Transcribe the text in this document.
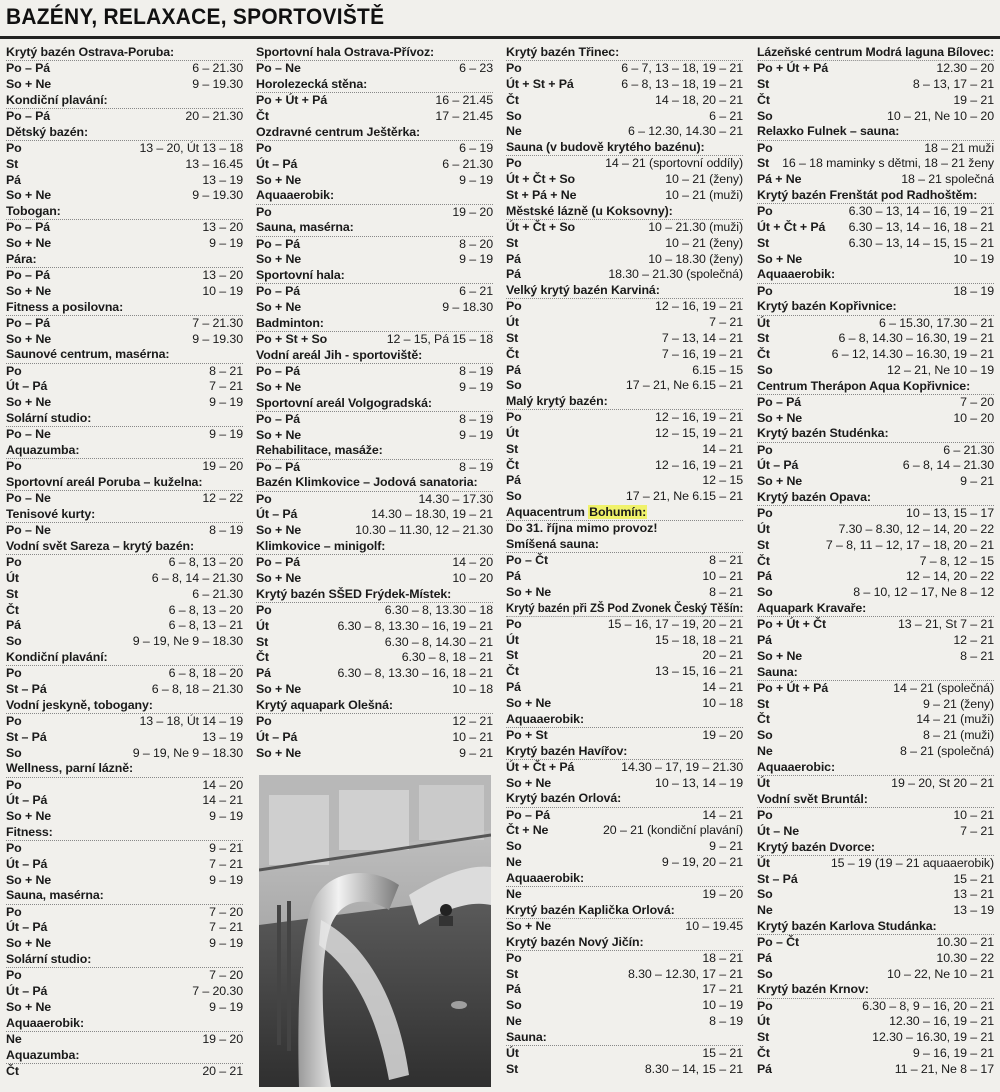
BAZÉNY, RELAXACE, SPORTOVIŠTĚ
Krytý bazén Ostrava-Poruba:
Po – Pá	6 – 21.30
So + Ne	9 – 19.30
Kondiční plavání:
Po – Pá	20 – 21.30
Dětský bazén:
Po	13 – 20, Út 13 – 18
St	13 – 16.45
Pá	13 – 19
So + Ne	9 – 19.30
Tobogan:
Po – Pá	13 – 20
So + Ne	9 – 19
Pára:
Po – Pá	13 – 20
So + Ne	10 – 19
Fitness a posilovna:
Po – Pá	7 – 21.30
So + Ne	9 – 19.30
Saunové centrum, masérna:
Po	8 – 21
Út – Pá	7 – 21
So + Ne	9 – 19
Solární studio:
Po – Ne	9 – 19
Aquazumba:
Po	19 – 20
Sportovní areál Poruba – kuželna:
Po – Ne	12 – 22
Tenisové kurty:
Po – Ne	8 – 19
Vodní svět Sareza – krytý bazén:
Po	6 – 8, 13 – 20
Út	6 – 8, 14 – 21.30
St	6 – 21.30
Čt	6 – 8, 13 – 20
Pá	6 – 8, 13 – 21
So	9 – 19, Ne 9 – 18.30
Kondiční plavání:
Po	6 – 8, 18 – 20
St – Pá	6 – 8, 18 – 21.30
Vodní jeskyně, tobogany:
Po	13 – 18, Út 14 – 19
St – Pá	13 – 19
So	9 – 19, Ne 9 – 18.30
Wellness, parní lázně:
Po	14 – 20
Út – Pá	14 – 21
So + Ne	9 – 19
Fitness:
Po	9 – 21
Út – Pá	7 – 21
So + Ne	9 – 19
Sauna, masérna:
Po	7 – 20
Út – Pá	7 – 21
So + Ne	9 – 19
Solární studio:
Po	7 – 20
Út – Pá	7 – 20.30
So + Ne	9 – 19
Aquaaerobik:
Ne	19 – 20
Aquazumba:
Čt	20 – 21
Sportovní hala Ostrava-Přívoz:
Po – Ne	6 – 23
Horolezecká stěna:
Po + Út + Pá	16 – 21.45
Čt	17 – 21.45
Ozdravné centrum Ještěrka:
Po	6 – 19
Út – Pá	6 – 21.30
So + Ne	9 – 19
Aquaaerobik:
Po	19 – 20
Sauna, masérna:
Po – Pá	8 – 20
So + Ne	9 – 19
Sportovní hala:
Po – Pá	6 – 21
So + Ne	9 – 18.30
Badminton:
Po + St + So	12 – 15, Pá 15 – 18
Vodní areál Jih - sportoviště:
Po – Pá	8 – 19
So + Ne	9 – 19
Sportovní areál Volgogradská:
Po – Pá	8 – 19
So + Ne	9 – 19
Rehabilitace, masáže:
Po – Pá	8 – 19
Bazén Klimkovice – Jodová sanatoria:
Po	14.30 – 17.30
Út – Pá	14.30 – 18.30, 19 – 21
So + Ne	10.30 – 11.30, 12 – 21.30
Klimkovice – minigolf:
Po – Pá	14 – 20
So + Ne	10 – 20
Krytý bazén SŠED Frýdek-Místek:
Po	6.30 – 8, 13.30 – 18
Út	6.30 – 8, 13.30 – 16, 19 – 21
St	6.30 – 8, 14.30 – 21
Čt	6.30 – 8, 18 – 21
Pá	6.30 – 8, 13.30 – 16, 18 – 21
So + Ne	10 – 18
Krytý aquapark Olešná:
Po	12 – 21
Út – Pá	10 – 21
So + Ne	9 – 21
Krytý bazén Třinec:
Po	6 – 7, 13 – 18, 19 – 21
Út + St + Pá	6 – 8, 13 – 18, 19 – 21
Čt	14 – 18, 20 – 21
So	6 – 21
Ne	6 – 12.30, 14.30 – 21
Sauna (v budově krytého bazénu):
Po	14 – 21 (sportovní oddíly)
Út + Čt + So	10 – 21 (ženy)
St + Pá + Ne	10 – 21 (muži)
Městské lázně (u Koksovny):
Út + Čt + So	10 – 21.30 (muži)
St	10 – 21 (ženy)
Pá	10 – 18.30 (ženy)
Pá	18.30 – 21.30 (společná)
Velký krytý bazén Karviná:
Po	12 – 16, 19 – 21
Út	7 – 21
St	7 – 13, 14 – 21
Čt	7 – 16, 19 – 21
Pá	6.15 – 15
So	17 – 21, Ne 6.15 – 21
Malý krytý bazén:
Po	12 – 16, 19 – 21
Út	12 – 15, 19 – 21
St	14 – 21
Čt	12 – 16, 19 – 21
Pá	12 – 15
So	17 – 21, Ne 6.15 – 21
Aquacentrum Bohumín:
Do 31. října mimo provoz!
Smíšená sauna:
Po – Čt	8 – 21
Pá	10 – 21
So + Ne	8 – 21
Krytý bazén při ZŠ Pod Zvonek Český Těšín:
Po	15 – 16, 17 – 19, 20 – 21
Út	15 – 18, 18 – 21
St	20 – 21
Čt	13 – 15, 16 – 21
Pá	14 – 21
So + Ne	10 – 18
Aquaaerobik:
Po + St	19 – 20
Krytý bazén Havířov:
Út + Čt + Pá	14.30 – 17, 19 – 21.30
So + Ne	10 – 13, 14 – 19
Krytý bazén Orlová:
Po – Pá	14 – 21
Čt + Ne	20 – 21 (kondiční plavání)
So	9 – 21
Ne	9 – 19, 20 – 21
Aquaaerobik:
Ne	19 – 20
Krytý bazén Kaplička Orlová:
So + Ne	10 – 19.45
Krytý bazén Nový Jičín:
Po	18 – 21
St	8.30 – 12.30, 17 – 21
Pá	17 – 21
So	10 – 19
Ne	8 – 19
Sauna:
Út	15 – 21
St	8.30 – 14, 15 – 21
Lázeňské centrum Modrá laguna Bílovec:
Po + Út + Pá	12.30 – 20
St	8 – 13, 17 – 21
Čt	19 – 21
So	10 – 21, Ne 10 – 20
Relaxko Fulnek – sauna:
Po	18 – 21 muži
St 16 – 18 maminky s dětmi, 18 – 21 ženy
Pá + Ne	18 – 21 společná
Krytý bazén Frenštát pod Radhoštěm:
Po	6.30 – 13, 14 – 16, 19 – 21
Út + Čt + Pá 6.30 – 13, 14 – 16, 18 – 21
St	6.30 – 13, 14 – 15, 15 – 21
So + Ne	10 – 19
Aquaaerobik:
Po	18 – 19
Krytý bazén Kopřivnice:
Út	6 – 15.30, 17.30 – 21
St	6 – 8, 14.30 – 16.30, 19 – 21
Čt	6 – 12, 14.30 – 16.30, 19 – 21
So	12 – 21, Ne 10 – 19
Centrum Therápon Aqua Kopřivnice:
Po – Pá	7 – 20
So + Ne	10 – 20
Krytý bazén Studénka:
Po	6 – 21.30
Út – Pá	6 – 8, 14 – 21.30
So + Ne	9 – 21
Krytý bazén Opava:
Po	10 – 13, 15 – 17
Út	7.30 – 8.30, 12 – 14, 20 – 22
St	7 – 8, 11 – 12, 17 – 18, 20 – 21
Čt	7 – 8, 12 – 15
Pá	12 – 14, 20 – 22
So	8 – 10, 12 – 17, Ne 8 – 12
Aquapark Kravaře:
Po + Út + Čt	13 – 21, St 7 – 21
Pá	12 – 21
So + Ne	8 – 21
Sauna:
Po + Út + Pá	14 – 21 (společná)
St	9 – 21 (ženy)
Čt	14 – 21 (muži)
So	8 – 21 (muži)
Ne	8 – 21 (společná)
Aquaaerobic:
Út	19 – 20, St 20 – 21
Vodní svět Bruntál:
Po	10 – 21
Út – Ne	7 – 21
Krytý bazén Dvorce:
Út	15 – 19 (19 – 21 aquaaerobik)
St – Pá	15 – 21
So	13 – 21
Ne	13 – 19
Krytý bazén Karlova Studánka:
Po – Čt	10.30 – 21
Pá	10.30 – 22
So	10 – 22, Ne 10 – 21
Krytý bazén Krnov:
Po	6.30 – 8, 9 – 16, 20 – 21
Út	12.30 – 16, 19 – 21
St	12.30 – 16.30, 19 – 21
Čt	9 – 16, 19 – 21
Pá	11 – 21, Ne 8 – 17
